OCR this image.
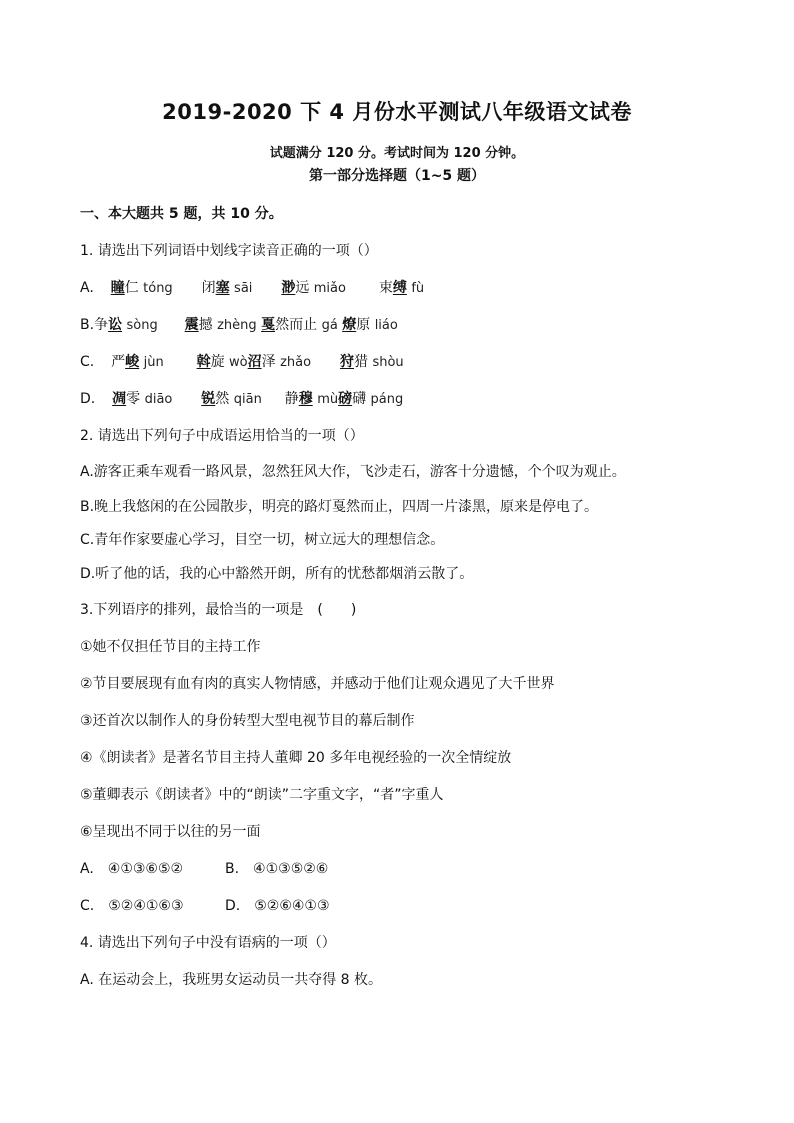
2019-2020 下 4 月份水平测试八年级语文试卷
试题满分 120 分。考试时间为 120 分钟。
第一部分选择题（1~5 题）
一、本大题共 5 题，共 10 分。
1. 请选出下列词语中划线字读音正确的一项（）
A. 瞳仁 tóng 闭塞 sāi 渺远 miǎo 束缚 fù
B.争讼 sòng 震撼 zhèng 戛然而止 gá 燎原 liáo
C. 严峻 jùn 斡旋 wò沼泽 zhǎo 狩猎 shòu
D. 凋零 diāo 锐然 qiān 静穆 mù磅礴 páng
2. 请选出下列句子中成语运用恰当的一项（）
A.游客正乘车观看一路风景，忽然狂风大作，飞沙走石，游客十分遗憾，个个叹为观止。
B.晚上我悠闲的在公园散步，明亮的路灯戛然而止，四周一片漆黑，原来是停电了。
C.青年作家要虚心学习，目空一切，树立远大的理想信念。
D.听了他的话，我的心中豁然开朗，所有的忧愁都烟消云散了。
3.下列语序的排列，最恰当的一项是　(　　)
①她不仅担任节目的主持工作
②节目要展现有血有肉的真实人物情感，并感动于他们让观众遇见了大千世界
③还首次以制作人的身份转型大型电视节目的幕后制作
④《朗读者》是著名节目主持人董卿 20 多年电视经验的一次全情绽放
⑤董卿表示《朗读者》中的“朗读”二字重文字，“者”字重人
⑥呈现出不同于以往的另一面
A.　④①③⑥⑤②	B.　④①③⑤②⑥
C.　⑤②④①⑥③	D.　⑤②⑥④①③
4. 请选出下列句子中没有语病的一项（）
A. 在运动会上，我班男女运动员一共夺得 8 枚。
